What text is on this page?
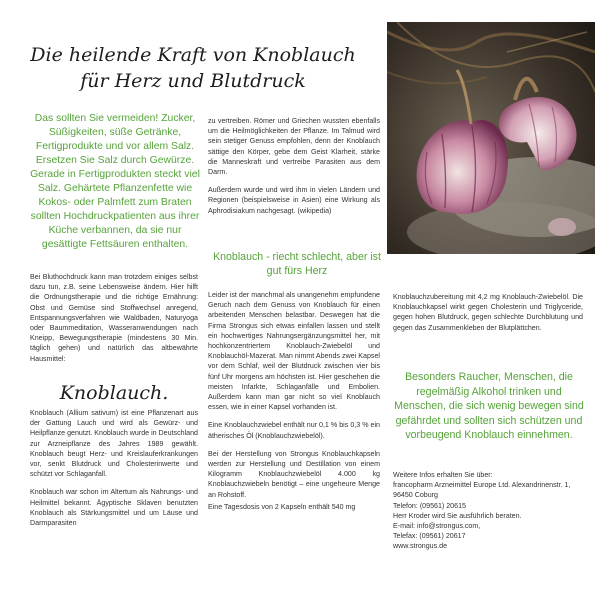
Die heilende Kraft von Knoblauch
für Herz und Blutdruck
Das sollten Sie vermeiden! Zucker, Süßigkeiten, süße Getränke, Fertigprodukte und vor allem Salz. Ersetzen Sie Salz durch Gewürze. Gerade in Fertigprodukten steckt viel Salz. Gehärtete Pflanzenfette wie Kokos- oder Palmfett zum Braten sollten Hochdruckpatienten aus ihrer Küche verbannen, da sie nur gesättigte Fettsäuren enthalten.

Bei Bluthochdruck kann man trotzdem einiges selbst dazu tun, z.B. seine Lebensweise ändern. Hier hilft die Ordnungstherapie und die richtige Ernährung: Obst und Gemüse sind Stoffwechsel anregend, Entspannungsverfahren wie Waldbaden, Naturyoga oder Baummeditation, Wasseranwendungen nach Kneipp, Bewegungstherapie (mindestens 30 Min. täglich gehen) und natürlich das altbewährte Hausmittel:

Knoblauch.

Knoblauch (Allium sativum) ist eine Pflanzenart aus der Gattung Lauch und wird als Gewürz- und Heilpflanze genutzt. Knoblauch wurde in Deutschland zur Arzneipflanze des Jahres 1989 gewählt. Knoblauch beugt Herz- und Kreislauferkrankungen vor, senkt Blutdruck und Cholesterinwerte und schützt vor Schlaganfall.

Knoblauch war schon im Altertum als Nahrungs- und Heilmittel bekannt. Ägyptische Sklaven benutzten Knoblauch als Stärkungsmittel und um Läuse und Darmparasiten

zu vertreiben. Römer und Griechen wussten ebenfalls um die Heilmöglichkeiten der Pflanze. Im Talmud wird sein stetiger Genuss empfohlen, denn der Knoblauch sättige den Körper, gebe dem Geist Klarheit, stärke die Manneskraft und vertreibe Parasiten aus dem Darm.

Außerdem wurde und wird ihm in vielen Ländern und Regionen (beispielsweise in Asien) eine Wirkung als Aphrodisiakum nachgesagt. (wikipedia)

Knoblauch - riecht schlecht, aber ist gut fürs Herz

Leider ist der manchmal als unangenehm empfundene Geruch nach dem Genuss von Knoblauch für einen arbeitenden Menschen belastbar. Deswegen hat die Firma Strongus sich etwas einfallen lassen und stellt ein hochwertiges Nahrungsergänzungsmittel her, mit hochkonzentriertem Knoblauch-Zwiebelöl und Knoblauchöl-Mazerat. Man nimmt Abends zwei Kapsel vor dem Schlaf, weil der Blutdruck zwischen vier bis fünf Uhr morgens am höchsten ist. Hier geschehen die meisten Infarkte, Schlaganfälle und Embolien. Außerdem kann man gar nicht so viel Knoblauch essen, wie in einer Kapsel vorhanden ist.

Eine Knoblauchzwiebel enthält nur 0,1 % bis 0,3 % ein ätherisches Öl (Knoblauchzwiebelöl).

Bei der Herstellung von Strongus Knoblauchkapseln werden zur Herstellung und Destillation von einem Kilogramm Knoblauchzwiebelöl 4.000 kg Knoblauchzwiebeln benötigt – eine ungeheure Menge an Rohstoff.

Eine Tagesdosis von 2 Kapseln enthält 540 mg

Knoblauchzubereitung mit 4,2 mg Knoblauch-Zwiebelöl. Die Knoblauchkapsel wirkt gegen Cholesterin und Triglyceride, gegen hohen Blutdruck, gegen schlechte Durchblutung und gegen das Zusammenkleben der Blutplättchen.
Besonders Raucher, Menschen, die regelmäßig Alkohol trinken und Menschen, die sich wenig bewegen sind gefährdet und sollten sich schützen und vorbeugend Knoblauch einnehmen.
Weitere Infos erhalten Sie über:
francopharm Arzneimittel Europe Ltd. Alexandrinenstr. 1, 96450 Coburg
Telefon: (09561) 20615
Herr Kroder wird Sie ausführlich beraten.
E-mail: info@strongus.com,
Telefax: (09561) 20617
www.strongus.de
